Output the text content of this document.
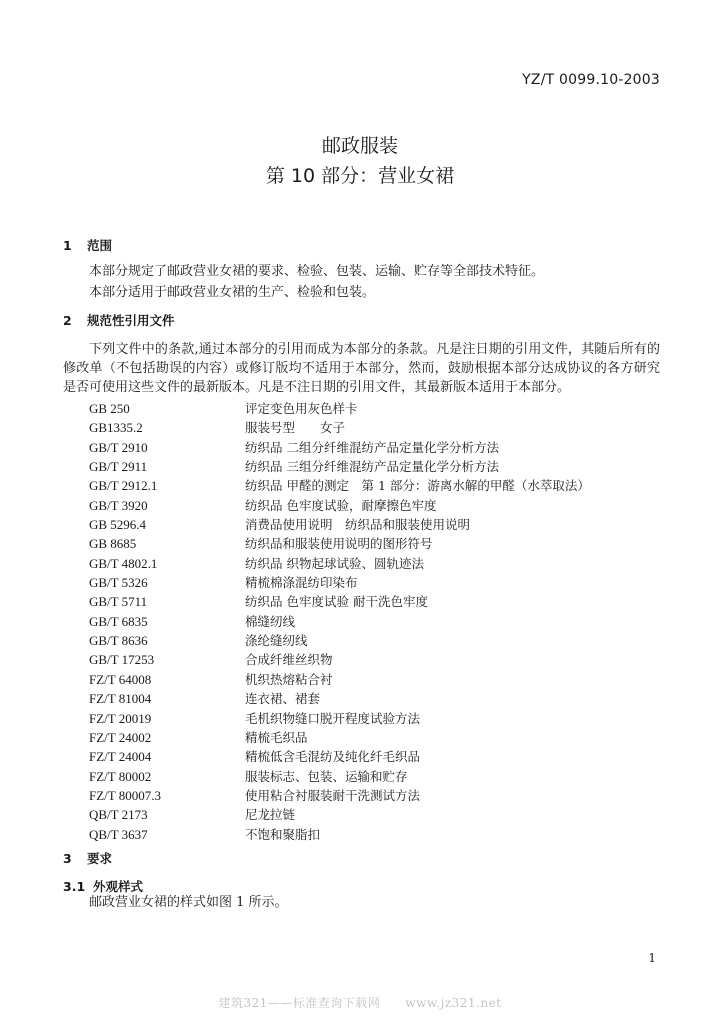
YZ/T 0099.10-2003
邮政服装
第 10 部分：营业女裙
1 范围
本部分规定了邮政营业女裙的要求、检验、包装、运输、贮存等全部技术特征。
本部分适用于邮政营业女裙的生产、检验和包装。
2 规范性引用文件
下列文件中的条款,通过本部分的引用而成为本部分的条款。凡是注日期的引用文件，其随后所有的修改单（不包括勘误的内容）或修订版均不适用于本部分，然而，鼓励根据本部分达成协议的各方研究是否可使用这些文件的最新版本。凡是不注日期的引用文件，其最新版本适用于本部分。
GB 250	评定变色用灰色样卡
GB1335.2	服装号型　　女子
GB/T 2910	纺织品 二组分纤维混纺产品定量化学分析方法
GB/T 2911	纺织品 三组分纤维混纺产品定量化学分析方法
GB/T 2912.1	纺织品 甲醛的测定　第 1 部分：游离水解的甲醛（水萃取法）
GB/T 3920	纺织品 色牢度试验，耐摩擦色牢度
GB 5296.4	消费品使用说明　纺织品和服装使用说明
GB 8685	纺织品和服装使用说明的图形符号
GB/T 4802.1	纺织品 织物起球试验、圆轨迹法
GB/T 5326	精梳棉涤混纺印染布
GB/T 5711	纺织品 色牢度试验 耐干洗色牢度
GB/T 6835	棉缝纫线
GB/T 8636	涤纶缝纫线
GB/T 17253	合成纤维丝织物
FZ/T 64008	机织热熔粘合衬
FZ/T 81004	连衣裙、裙套
FZ/T 20019	毛机织物缝口脱开程度试验方法
FZ/T 24002	精梳毛织品
FZ/T 24004	精梳低含毛混纺及纯化纤毛织品
FZ/T 80002	服装标志、包装、运输和贮存
FZ/T 80007.3	使用粘合衬服装耐干洗测试方法
QB/T 2173	尼龙拉链
QB/T 3637	不饱和聚脂扣
3 要求
3.1 外观样式
邮政营业女裙的样式如图 1 所示。
1
建筑321——标准查询下载网　　www.jz321.net
